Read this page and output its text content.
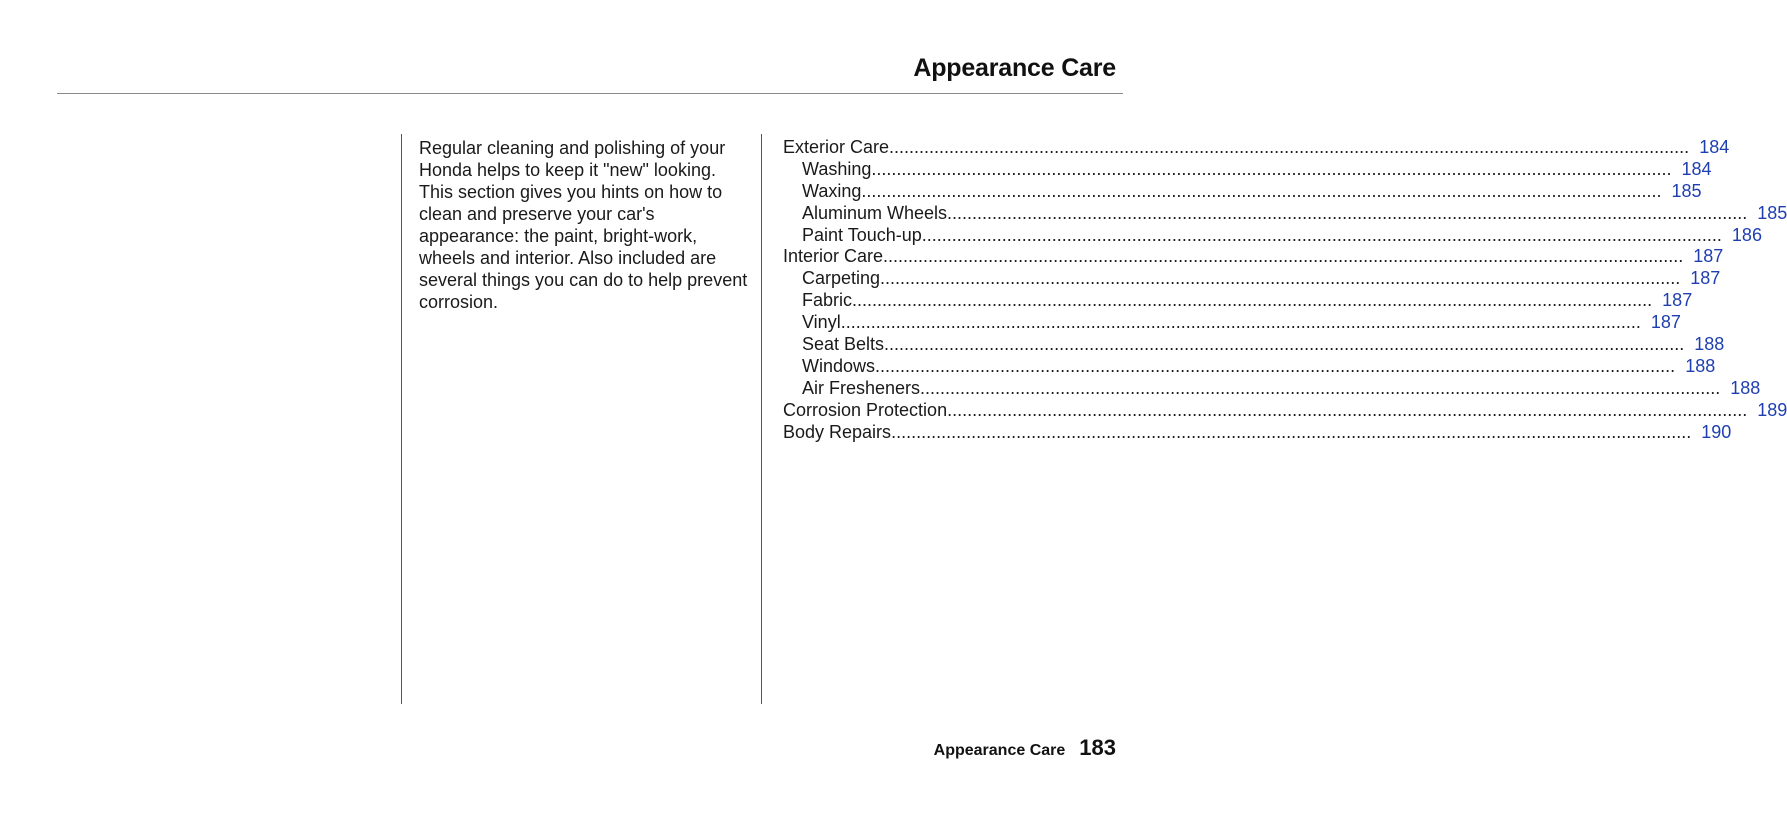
Appearance Care

Regular cleaning and polishing of your Honda helps to keep it "new" looking. This section gives you hints on how to clean and preserve your car's appearance: the paint, bright-work, wheels and interior. Also included are several things you can do to help prevent corrosion.

Exterior Care ................................................................................................................................................................ 184
Washing ................................................................................................................................................................ 184
Waxing ................................................................................................................................................................ 185
Aluminum Wheels ................................................................................................................................................................ 185
Paint Touch-up ................................................................................................................................................................ 186
Interior Care ................................................................................................................................................................ 187
Carpeting ................................................................................................................................................................ 187
Fabric ................................................................................................................................................................ 187
Vinyl ................................................................................................................................................................ 187
Seat Belts ................................................................................................................................................................ 188
Windows ................................................................................................................................................................ 188
Air Fresheners ................................................................................................................................................................ 188
Corrosion Protection ................................................................................................................................................................ 189
Body Repairs ................................................................................................................................................................ 190
Appearance Care 183
